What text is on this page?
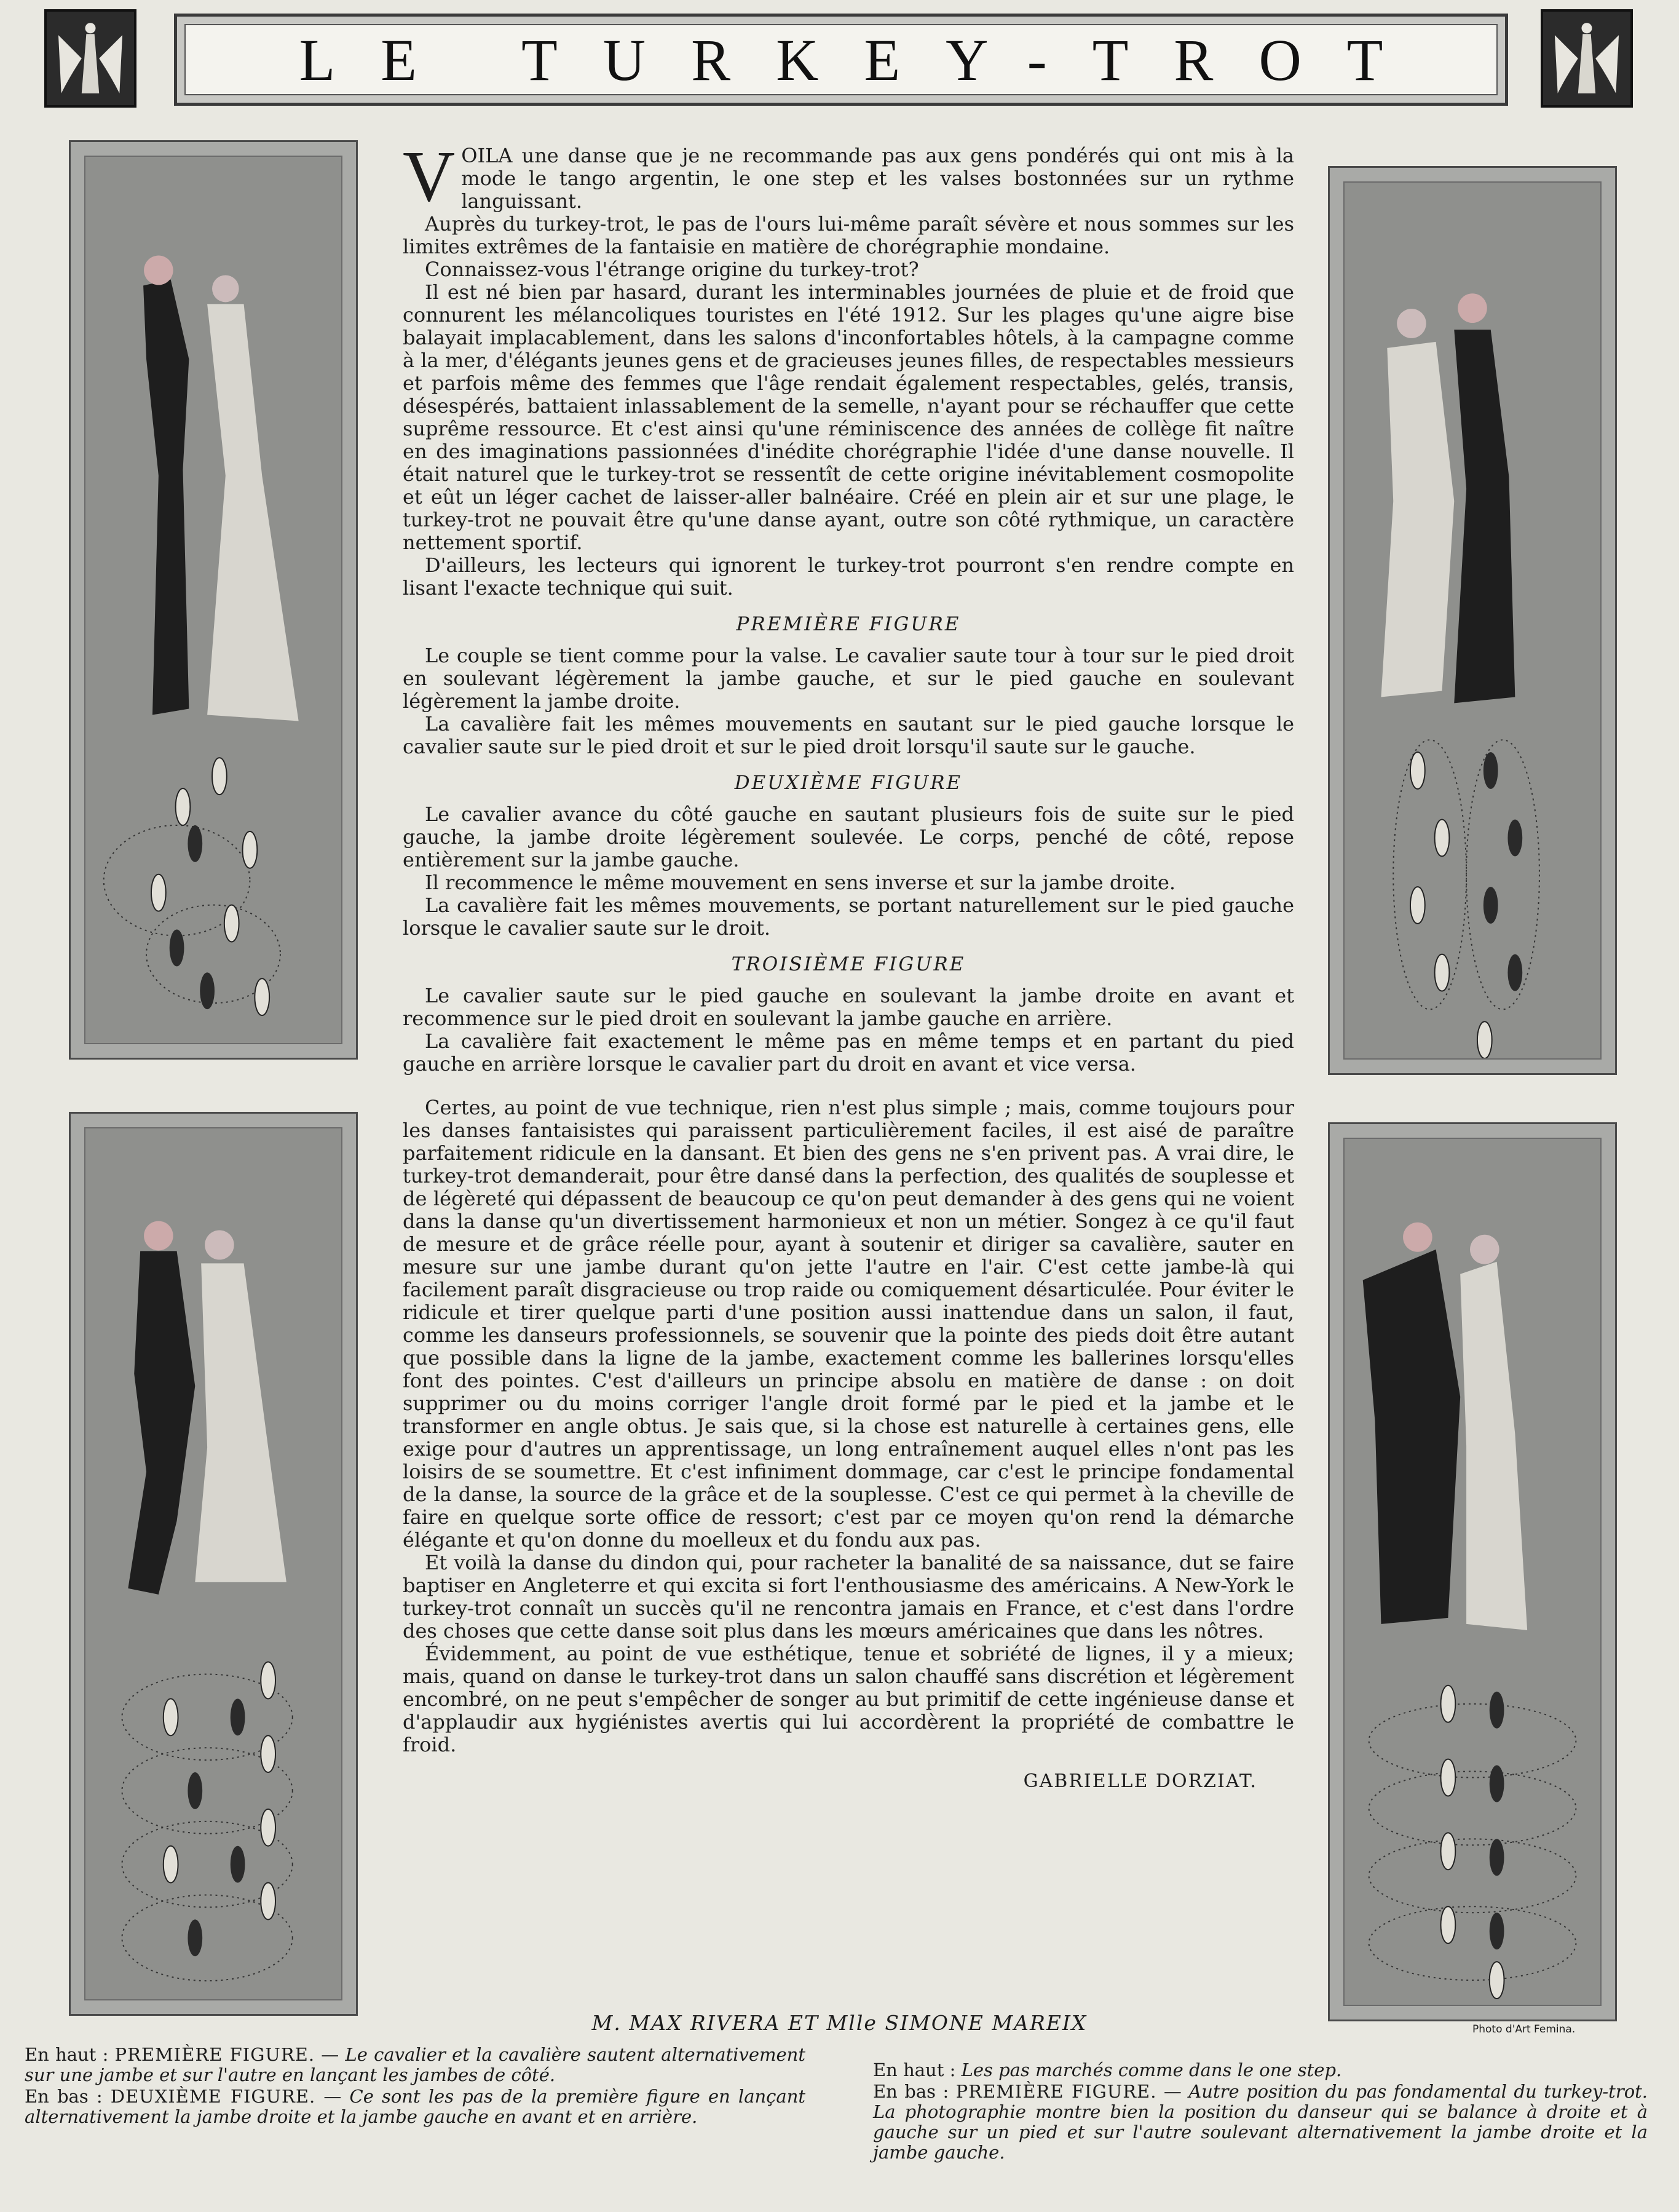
LE TURKEY-TROT

VOILA une danse que je ne recommande pas aux gens pondérés qui ont mis à la mode le tango argentin, le one step et les valses bostonnées sur un rythme languissant.

Auprès du turkey-trot, le pas de l'ours lui-même paraît sévère et nous sommes sur les limites extrêmes de la fantaisie en matière de chorégraphie mondaine.

Connaissez-vous l'étrange origine du turkey-trot?

Il est né bien par hasard, durant les interminables journées de pluie et de froid que connurent les mélancoliques touristes en l'été 1912. Sur les plages qu'une aigre bise balayait implacablement, dans les salons d'inconfortables hôtels, à la campagne comme à la mer, d'élégants jeunes gens et de gracieuses jeunes filles, de respectables messieurs et parfois même des femmes que l'âge rendait également respectables, gelés, transis, désespérés, battaient inlassablement de la semelle, n'ayant pour se réchauffer que cette suprême ressource. Et c'est ainsi qu'une réminiscence des années de collège fit naître en des imaginations passionnées d'inédite chorégraphie l'idée d'une danse nouvelle. Il était naturel que le turkey-trot se ressentît de cette origine inévitablement cosmopolite et eût un léger cachet de laisser-aller balnéaire. Créé en plein air et sur une plage, le turkey-trot ne pouvait être qu'une danse ayant, outre son côté rythmique, un caractère nettement sportif.

D'ailleurs, les lecteurs qui ignorent le turkey-trot pourront s'en rendre compte en lisant l'exacte technique qui suit.

PREMIÈRE FIGURE

Le couple se tient comme pour la valse. Le cavalier saute tour à tour sur le pied droit en soulevant légèrement la jambe gauche, et sur le pied gauche en soulevant légèrement la jambe droite.

La cavalière fait les mêmes mouvements en sautant sur le pied gauche lorsque le cavalier saute sur le pied droit et sur le pied droit lorsqu'il saute sur le gauche.

DEUXIÈME FIGURE

Le cavalier avance du côté gauche en sautant plusieurs fois de suite sur le pied gauche, la jambe droite légèrement soulevée. Le corps, penché de côté, repose entièrement sur la jambe gauche.

Il recommence le même mouvement en sens inverse et sur la jambe droite.

La cavalière fait les mêmes mouvements, se portant naturellement sur le pied gauche lorsque le cavalier saute sur le droit.

TROISIÈME FIGURE

Le cavalier saute sur le pied gauche en soulevant la jambe droite en avant et recommence sur le pied droit en soulevant la jambe gauche en arrière.

La cavalière fait exactement le même pas en même temps et en partant du pied gauche en arrière lorsque le cavalier part du droit en avant et vice versa.

Certes, au point de vue technique, rien n'est plus simple ; mais, comme toujours pour les danses fantaisistes qui paraissent particulièrement faciles, il est aisé de paraître parfaitement ridicule en la dansant. Et bien des gens ne s'en privent pas. A vrai dire, le turkey-trot demanderait, pour être dansé dans la perfection, des qualités de souplesse et de légèreté qui dépassent de beaucoup ce qu'on peut demander à des gens qui ne voient dans la danse qu'un divertissement harmonieux et non un métier. Songez à ce qu'il faut de mesure et de grâce réelle pour, ayant à soutenir et diriger sa cavalière, sauter en mesure sur une jambe durant qu'on jette l'autre en l'air. C'est cette jambe-là qui facilement paraît disgracieuse ou trop raide ou comiquement désarticulée. Pour éviter le ridicule et tirer quelque parti d'une position aussi inattendue dans un salon, il faut, comme les danseurs professionnels, se souvenir que la pointe des pieds doit être autant que possible dans la ligne de la jambe, exactement comme les ballerines lorsqu'elles font des pointes. C'est d'ailleurs un principe absolu en matière de danse : on doit supprimer ou du moins corriger l'angle droit formé par le pied et la jambe et le transformer en angle obtus. Je sais que, si la chose est naturelle à certaines gens, elle exige pour d'autres un apprentissage, un long entraînement auquel elles n'ont pas les loisirs de se soumettre. Et c'est infiniment dommage, car c'est le principe fondamental de la danse, la source de la grâce et de la souplesse. C'est ce qui permet à la cheville de faire en quelque sorte office de ressort; c'est par ce moyen qu'on rend la démarche élégante et qu'on donne du moelleux et du fondu aux pas.

Et voilà la danse du dindon qui, pour racheter la banalité de sa naissance, dut se faire baptiser en Angleterre et qui excita si fort l'enthousiasme des américains. A New-York le turkey-trot connaît un succès qu'il ne rencontra jamais en France, et c'est dans l'ordre des choses que cette danse soit plus dans les mœurs américaines que dans les nôtres.

Évidemment, au point de vue esthétique, tenue et sobriété de lignes, il y a mieux; mais, quand on danse le turkey-trot dans un salon chauffé sans discrétion et légèrement encombré, on ne peut s'empêcher de songer au but primitif de cette ingénieuse danse et d'applaudir aux hygiénistes avertis qui lui accordèrent la propriété de combattre le froid.

GABRIELLE DORZIAT.
M. MAX RIVERA ET Mlle SIMONE MAREIX	Photo d'Art Femina.
En haut : PREMIÈRE FIGURE. — Le cavalier et la cavalière sautent alternativement sur une jambe et sur l'autre en lançant les jambes de côté.
En bas : DEUXIÈME FIGURE. — Ce sont les pas de la première figure en lançant alternativement la jambe droite et la jambe gauche en avant et en arrière.
En haut : Les pas marchés comme dans le one step.
En bas : PREMIÈRE FIGURE. — Autre position du pas fondamental du turkey-trot. La photographie montre bien la position du danseur qui se balance à droite et à gauche sur un pied et sur l'autre soulevant alternativement la jambe droite et la jambe gauche.
